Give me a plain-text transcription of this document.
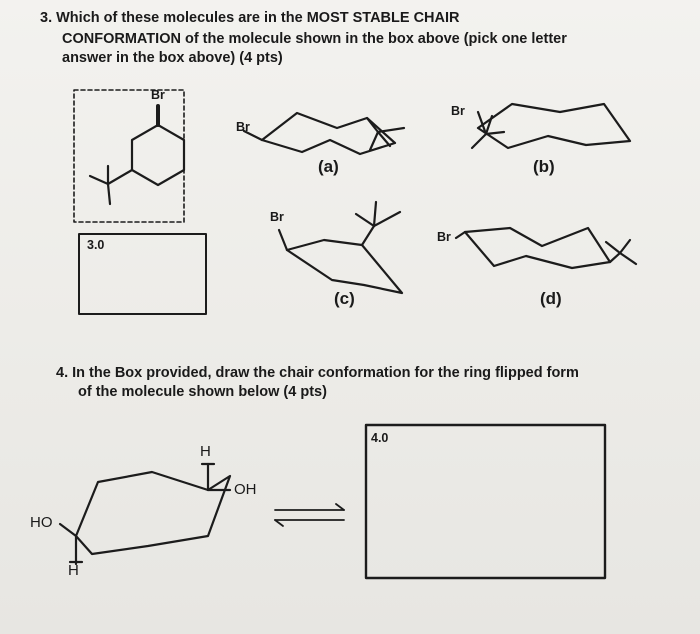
3. Which of these molecules are in the MOST STABLE CHAIR
CONFORMATION of the molecule shown in the box above (pick one letter
answer in the box above) (4 pts)
Br
3.0
(a)	(b)
(c)	(d)
Br
Br
Br
Br
4. In the Box provided, draw the chair conformation for the ring flipped form
of the molecule shown below (4 pts)
H
OH
HO
H
4.0
